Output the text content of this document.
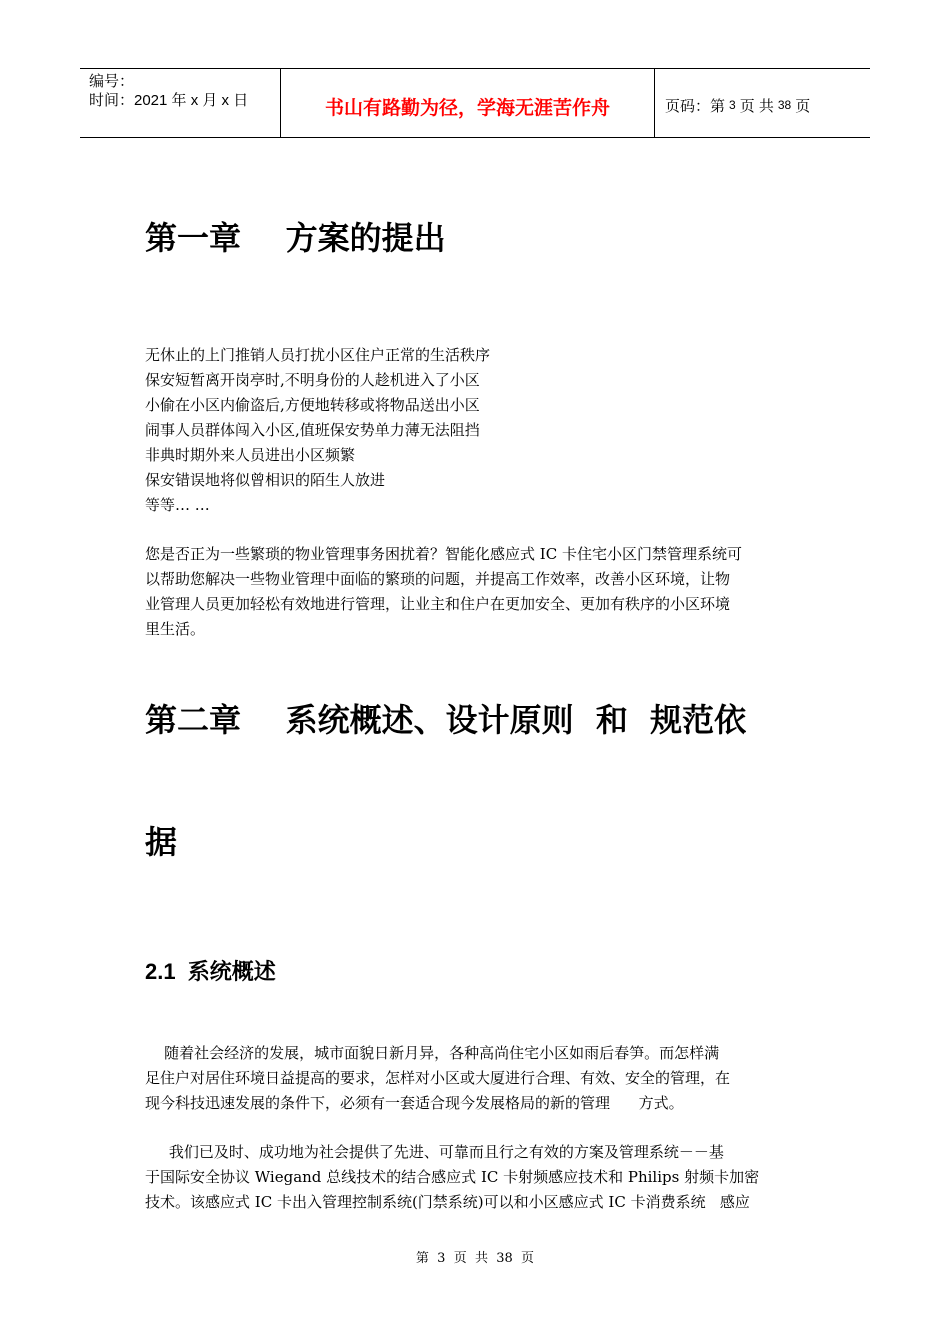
编号：
时间：2021 年 x 月 x 日	书山有路勤为径，学海无涯苦作舟	页码：第 3 页 共 38 页
第一章    方案的提出
无休止的上门推销人员打扰小区住户正常的生活秩序
保安短暂离开岗亭时,不明身份的人趁机进入了小区
小偷在小区内偷盗后,方便地转移或将物品送出小区
闹事人员群体闯入小区,值班保安势单力薄无法阻挡
非典时期外来人员进出小区频繁
保安错误地将似曾相识的陌生人放进
等等… …
您是否正为一些繁琐的物业管理事务困扰着？智能化感应式 IC 卡住宅小区门禁管理系统可
以帮助您解决一些物业管理中面临的繁琐的问题，并提高工作效率，改善小区环境，让物
业管理人员更加轻松有效地进行管理，让业主和住户在更加安全、更加有秩序的小区环境
里生活。
第二章    系统概述、设计原则  和  规范依
据
2.1  系统概述
随着社会经济的发展，城市面貌日新月异，各种高尚住宅小区如雨后春笋。而怎样满
足住户对居住环境日益提高的要求，怎样对小区或大厦进行合理、有效、安全的管理，在
现今科技迅速发展的条件下，必须有一套适合现今发展格局的新的管理      方式。
我们已及时、成功地为社会提供了先进、可靠而且行之有效的方案及管理系统－－基
于国际安全协议 Wiegand 总线技术的结合感应式 IC 卡射频感应技术和 Philips 射频卡加密
技术。该感应式 IC 卡出入管理控制系统(门禁系统)可以和小区感应式 IC 卡消费系统   感应
第  3  页  共  38  页
